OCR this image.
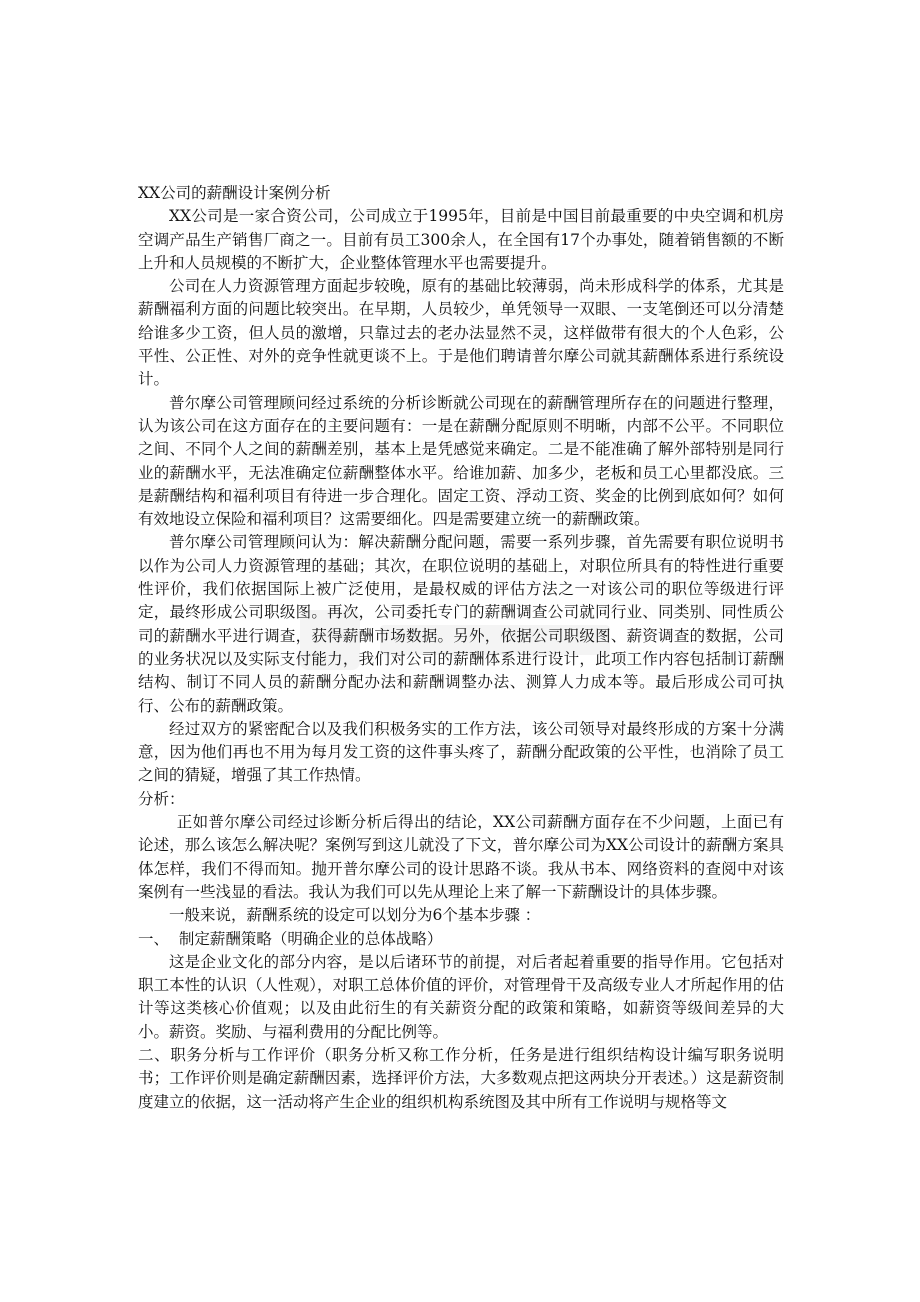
XX公司的薪酬设计案例分析

XX公司是一家合资公司，公司成立于1995年，目前是中国目前最重要的中央空调和机房空调产品生产销售厂商之一。目前有员工300余人，在全国有17个办事处，随着销售额的不断上升和人员规模的不断扩大，企业整体管理水平也需要提升。

公司在人力资源管理方面起步较晚，原有的基础比较薄弱，尚未形成科学的体系，尤其是薪酬福利方面的问题比较突出。在早期，人员较少，单凭领导一双眼、一支笔倒还可以分清楚给谁多少工资，但人员的激增，只靠过去的老办法显然不灵，这样做带有很大的个人色彩，公平性、公正性、对外的竞争性就更谈不上。于是他们聘请普尔摩公司就其薪酬体系进行系统设计。

普尔摩公司管理顾问经过系统的分析诊断就公司现在的薪酬管理所存在的问题进行整理，认为该公司在这方面存在的主要问题有：一是在薪酬分配原则不明晰，内部不公平。不同职位之间、不同个人之间的薪酬差别，基本上是凭感觉来确定。二是不能准确了解外部特别是同行业的薪酬水平，无法准确定位薪酬整体水平。给谁加薪、加多少，老板和员工心里都没底。三是薪酬结构和福利项目有待进一步合理化。固定工资、浮动工资、奖金的比例到底如何？如何有效地设立保险和福利项目？这需要细化。四是需要建立统一的薪酬政策。

普尔摩公司管理顾问认为：解决薪酬分配问题，需要一系列步骤，首先需要有职位说明书以作为公司人力资源管理的基础；其次，在职位说明的基础上，对职位所具有的特性进行重要性评价，我们依据国际上被广泛使用，是最权威的评估方法之一对该公司的职位等级进行评定，最终形成公司职级图。再次，公司委托专门的薪酬调查公司就同行业、同类别、同性质公司的薪酬水平进行调查，获得薪酬市场数据。另外，依据公司职级图、薪资调查的数据，公司的业务状况以及实际支付能力，我们对公司的薪酬体系进行设计，此项工作内容包括制订薪酬结构、制订不同人员的薪酬分配办法和薪酬调整办法、测算人力成本等。最后形成公司可执行、公布的薪酬政策。

经过双方的紧密配合以及我们积极务实的工作方法，该公司领导对最终形成的方案十分满意，因为他们再也不用为每月发工资的这件事头疼了，薪酬分配政策的公平性，也消除了员工之间的猜疑，增强了其工作热情。

分析：

正如普尔摩公司经过诊断分析后得出的结论，XX公司薪酬方面存在不少问题，上面已有论述，那么该怎么解决呢？案例写到这儿就没了下文，普尔摩公司为XX公司设计的薪酬方案具体怎样，我们不得而知。抛开普尔摩公司的设计思路不谈。我从书本、网络资料的查阅中对该案例有一些浅显的看法。我认为我们可以先从理论上来了解一下薪酬设计的具体步骤。

一般来说，薪酬系统的设定可以划分为6个基本步骤 ：

一、  制定薪酬策略（明确企业的总体战略）

这是企业文化的部分内容，是以后诸环节的前提，对后者起着重要的指导作用。它包括对职工本性的认识（人性观），对职工总体价值的评价，对管理骨干及高级专业人才所起作用的估计等这类核心价值观；以及由此衍生的有关薪资分配的政策和策略，如薪资等级间差异的大小。薪资。奖励、与福利费用的分配比例等。

二、职务分析与工作评价（职务分析又称工作分析，任务是进行组织结构设计编写职务说明书；工作评价则是确定薪酬因素，选择评价方法，大多数观点把这两块分开表述。）这是薪资制度建立的依据，这一活动将产生企业的组织机构系统图及其中所有工作说明与规格等文
